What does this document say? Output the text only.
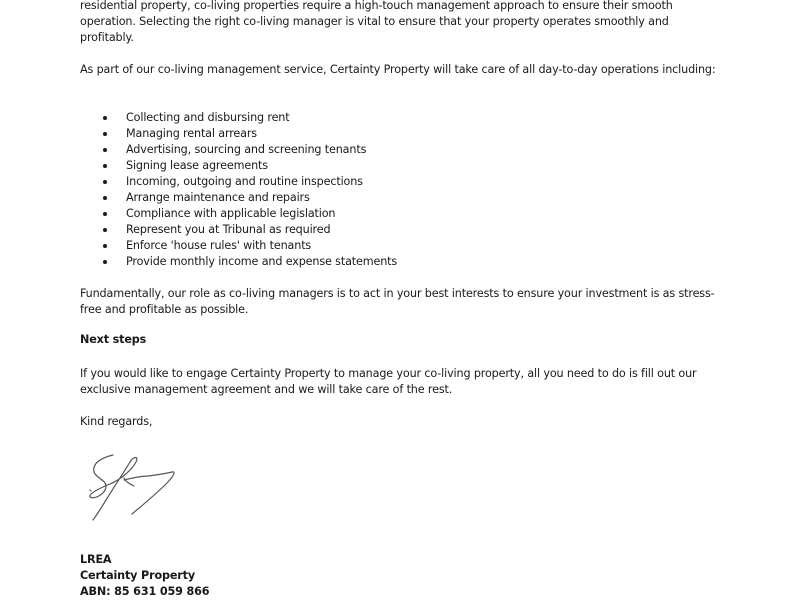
residential property, co-living properties require a high-touch management approach to ensure their smooth operation. Selecting the right co-living manager is vital to ensure that your property operates smoothly and profitably.

As part of our co-living management service, Certainty Property will take care of all day-to-day operations including:

Collecting and disbursing rent
Managing rental arrears
Advertising, sourcing and screening tenants
Signing lease agreements
Incoming, outgoing and routine inspections
Arrange maintenance and repairs
Compliance with applicable legislation
Represent you at Tribunal as required
Enforce 'house rules' with tenants
Provide monthly income and expense statements

Fundamentally, our role as co-living managers is to act in your best interests to ensure your investment is as stress-free and profitable as possible.

Next steps

If you would like to engage Certainty Property to manage your co-living property, all you need to do is fill out our exclusive management agreement and we will take care of the rest.

Kind regards,

LREA
Certainty Property
ABN: 85 631 059 866
